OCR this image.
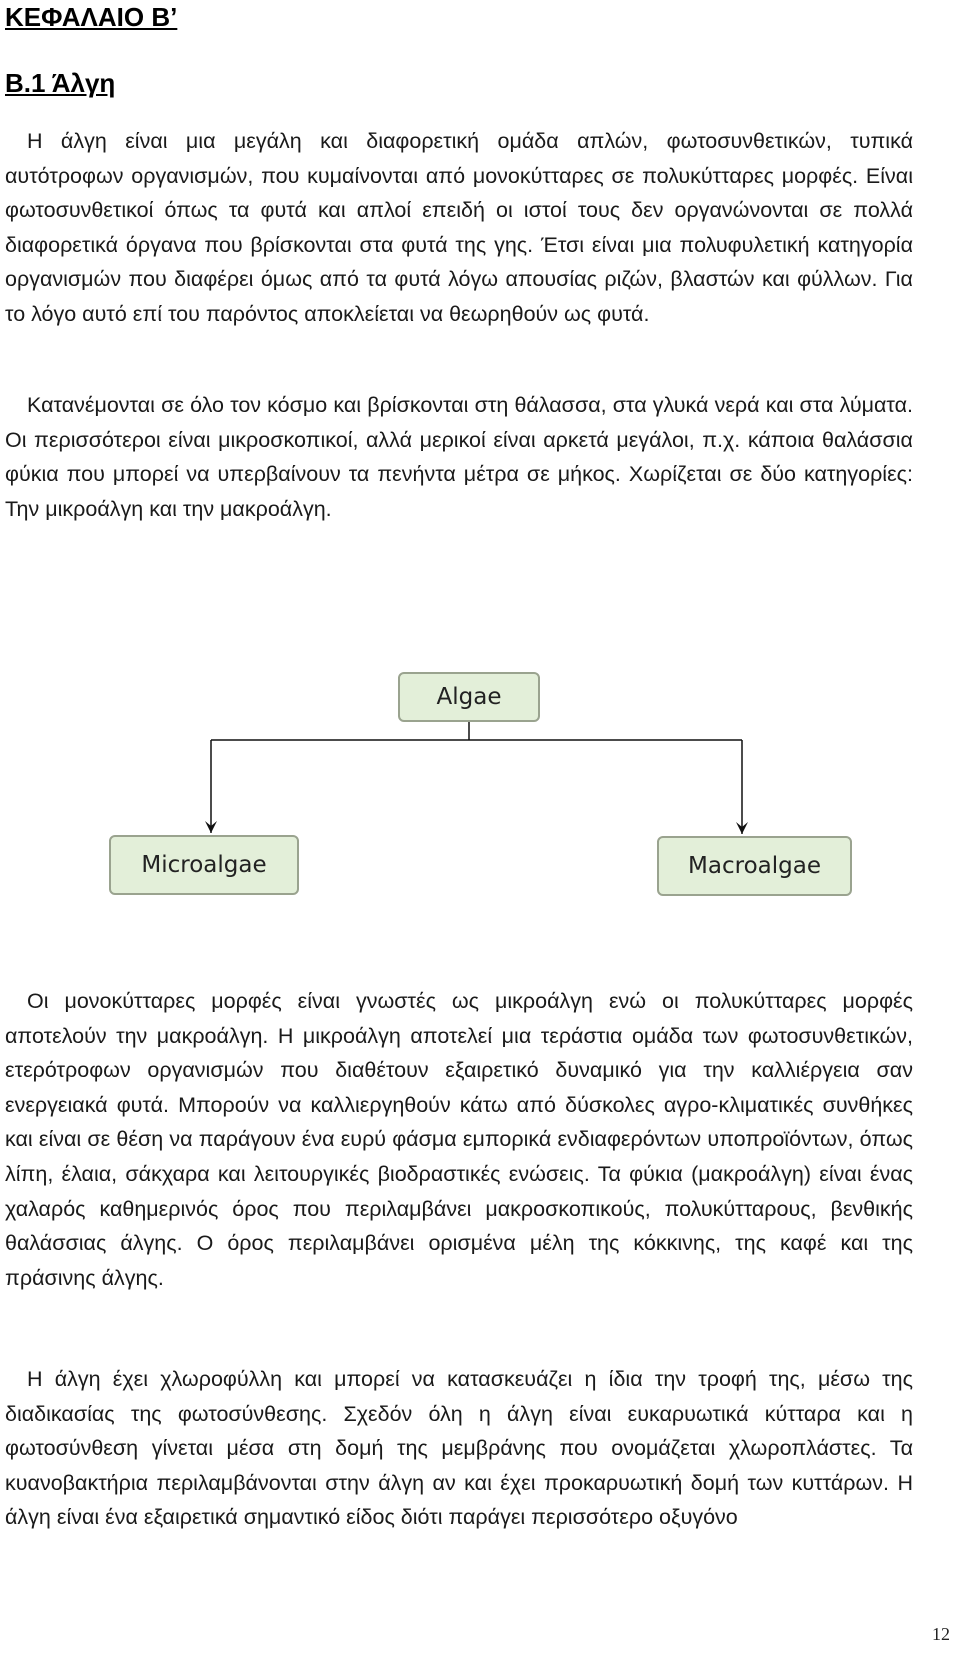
ΚΕΦΑΛΑΙΟ Β’
Β.1 Άλγη

Η άλγη είναι μια μεγάλη και διαφορετική ομάδα απλών, φωτοσυνθετικών, τυπικά αυτότροφων οργανισμών, που κυμαίνονται από μονοκύτταρες σε πολυκύτταρες μορφές. Είναι φωτοσυνθετικοί όπως τα φυτά και απλοί επειδή οι ιστοί τους δεν οργανώνονται σε πολλά διαφορετικά όργανα που βρίσκονται στα φυτά της γης. Έτσι είναι μια πολυφυλετική κατηγορία οργανισμών που διαφέρει όμως από τα φυτά λόγω απουσίας ριζών, βλαστών και φύλλων. Για το λόγο αυτό επί του παρόντος αποκλείεται να θεωρηθούν ως φυτά.

Κατανέμονται σε όλο τον κόσμο και βρίσκονται στη θάλασσα, στα γλυκά νερά και στα λύματα. Οι περισσότεροι είναι μικροσκοπικοί, αλλά μερικοί είναι αρκετά μεγάλοι, π.χ. κάποια θαλάσσια φύκια που μπορεί να υπερβαίνουν τα πενήντα μέτρα σε μήκος. Χωρίζεται σε δύο κατηγορίες: Την μικροάλγη και την μακροάλγη.

Algae
Microalgae	Macroalgae

Οι μονοκύτταρες μορφές είναι γνωστές ως μικροάλγη ενώ οι πολυκύτταρες μορφές αποτελούν την μακροάλγη. Η μικροάλγη αποτελεί μια τεράστια ομάδα των φωτοσυνθετικών, ετερότροφων οργανισμών που διαθέτουν εξαιρετικό δυναμικό για την καλλιέργεια σαν ενεργειακά φυτά. Μπορούν να καλλιεργηθούν κάτω από δύσκολες αγρο-κλιματικές συνθήκες και είναι σε θέση να παράγουν ένα ευρύ φάσμα εμπορικά ενδιαφερόντων υποπροϊόντων, όπως λίπη, έλαια, σάκχαρα και λειτουργικές βιοδραστικές ενώσεις. Τα φύκια (μακροάλγη) είναι ένας χαλαρός καθημερινός όρος που περιλαμβάνει μακροσκοπικούς, πολυκύτταρους, βενθικής θαλάσσιας άλγης. Ο όρος περιλαμβάνει ορισμένα μέλη της κόκκινης, της καφέ και της πράσινης άλγης.

Η άλγη έχει χλωροφύλλη και μπορεί να κατασκευάζει η ίδια την τροφή της, μέσω της διαδικασίας της φωτοσύνθεσης. Σχεδόν όλη η άλγη είναι ευκαρυωτικά κύτταρα και η φωτοσύνθεση γίνεται μέσα στη δομή της μεμβράνης που ονομάζεται χλωροπλάστες. Τα κυανοβακτήρια περιλαμβάνονται στην άλγη αν και έχει προκαρυωτική δομή των κυττάρων. Η άλγη είναι ένα εξαιρετικά σημαντικό είδος διότι παράγει περισσότερο οξυγόνο

12
